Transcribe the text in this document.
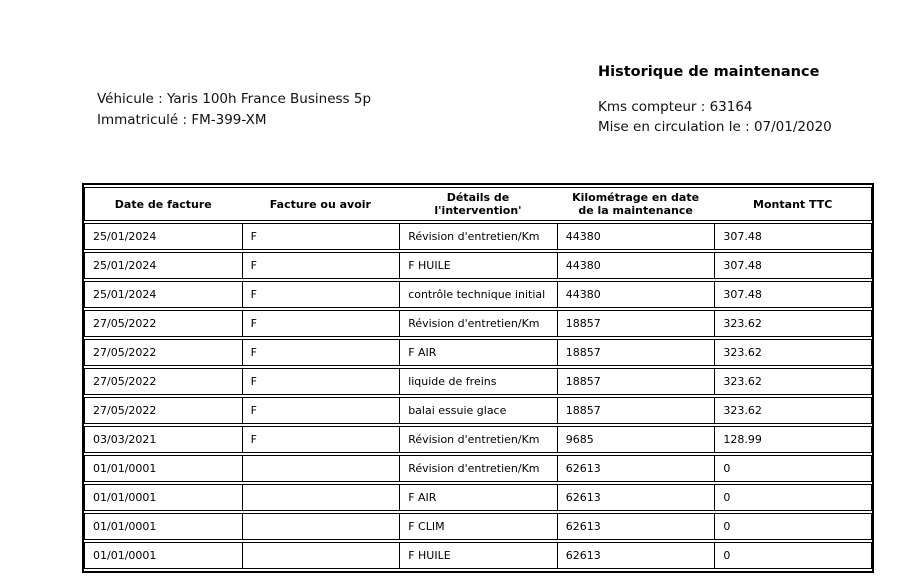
Véhicule : Yaris 100h France Business 5p
Immatriculé : FM-399-XM
Historique de maintenance
Kms compteur : 63164
Mise en circulation le : 07/01/2020
Date de facture	Facture ou avoir	Détails de l'intervention'	Kilométrage en date de la maintenance	Montant TTC
25/01/2024	F	Révision d'entretien/Km	44380	307.48
25/01/2024	F	F HUILE	44380	307.48
25/01/2024	F	contrôle technique initial	44380	307.48
27/05/2022	F	Révision d'entretien/Km	18857	323.62
27/05/2022	F	F AIR	18857	323.62
27/05/2022	F	liquide de freins	18857	323.62
27/05/2022	F	balai essuie glace	18857	323.62
03/03/2021	F	Révision d'entretien/Km	9685	128.99
01/01/0001		Révision d'entretien/Km	62613	0
01/01/0001		F AIR	62613	0
01/01/0001		F CLIM	62613	0
01/01/0001		F HUILE	62613	0
